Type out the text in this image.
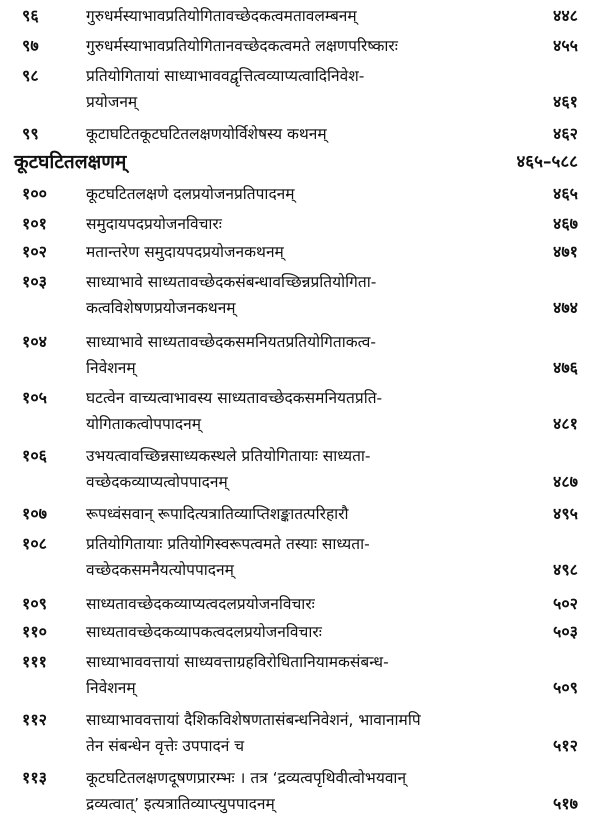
कूटघटितलक्षणम्	४६५–५८८
९६	गुरुधर्मस्याभावप्रतियोगितावच्छेदकत्वमतावलम्बनम्	४४८
९७	गुरुधर्मस्याभावप्रतियोगितानवच्छेदकत्वमते लक्षणपरिष्कारः	४५५
९८	प्रतियोगितायां साध्याभाववद्वृत्तित्वव्याप्यत्वादिनिवेश-
प्रयोजनम्	४६१
९९	कूटाघटितकूटघटितलक्षणयोर्विशेषस्य कथनम्	४६२
१००	कूटघटितलक्षणे दलप्रयोजनप्रतिपादनम्	४६५
१०१	समुदायपदप्रयोजनविचारः	४६७
१०२	मतान्तरेण समुदायपदप्रयोजनकथनम्	४७१
१०३	साध्याभावे साध्यतावच्छेदकसंबन्धावच्छिन्नप्रतियोगिता-
कत्वविशेषणप्रयोजनकथनम्	४७४
१०४	साध्याभावे साध्यतावच्छेदकसमनियतप्रतियोगिताकत्व-
निवेशनम्	४७६
१०५	घटत्वेन वाच्यत्वाभावस्य साध्यतावच्छेदकसमनियतप्रति-
योगिताकत्वोपपादनम्	४८१
१०६	उभयत्वावच्छिन्नसाध्यकस्थले प्रतियोगितायाः साध्यता-
वच्छेदकव्याप्यत्वोपपादनम्	४८७
१०७	रूपध्वंसवान् रूपादित्यत्रातिव्याप्तिशङ्कातत्परिहारौ	४९५
१०८	प्रतियोगितायाः प्रतियोगिस्वरूपत्वमते तस्याः साध्यता-
वच्छेदकसमनैयत्योपपादनम्	४९८
१०९	साध्यतावच्छेदकव्याप्यत्वदलप्रयोजनविचारः	५०२
११०	साध्यतावच्छेदकव्यापकत्वदलप्रयोजनविचारः	५०३
१११	साध्याभाववत्तायां साध्यवत्ताग्रहविरोधितानियामकसंबन्ध-
निवेशनम्	५०९
११२	साध्याभाववत्तायां दैशिकविशेषणतासंबन्धनिवेशनं, भावानामपि
तेन संबन्धेन वृत्तेः उपपादनं च	५१२
११३	कूटघटितलक्षणदूषणप्रारम्भः । तत्र ‘द्रव्यत्वपृथिवीत्वोभयवान्
द्रव्यत्वात्’ इत्यत्रातिव्याप्त्युपपादनम्	५१७
